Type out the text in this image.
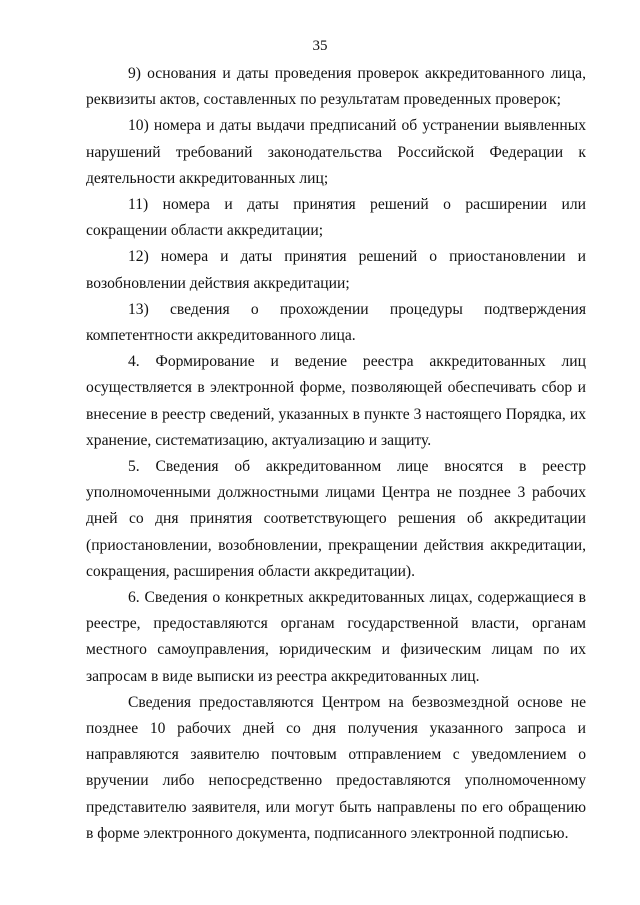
35

9) основания и даты проведения проверок аккредитованного лица, реквизиты актов, составленных по результатам проведенных проверок;

10) номера и даты выдачи предписаний об устранении выявленных нарушений требований законодательства Российской Федерации к деятельности аккредитованных лиц;

11) номера и даты принятия решений о расширении или сокращении области аккредитации;

12) номера и даты принятия решений о приостановлении и возобновлении действия аккредитации;

13) сведения о прохождении процедуры подтверждения компетентности аккредитованного лица.

4. Формирование и ведение реестра аккредитованных лиц осуществляется в электронной форме, позволяющей обеспечивать сбор и внесение в реестр сведений, указанных в пункте 3 настоящего Порядка, их хранение, систематизацию, актуализацию и защиту.

5. Сведения об аккредитованном лице вносятся в реестр уполномоченными должностными лицами Центра не позднее 3 рабочих дней со дня принятия соответствующего решения об аккредитации (приостановлении, возобновлении, прекращении действия аккредитации, сокращения, расширения области аккредитации).

6. Сведения о конкретных аккредитованных лицах, содержащиеся в реестре, предоставляются органам государственной власти, органам местного самоуправления, юридическим и физическим лицам по их запросам в виде выписки из реестра аккредитованных лиц.

Сведения предоставляются Центром на безвозмездной основе не позднее 10 рабочих дней со дня получения указанного запроса и направляются заявителю почтовым отправлением с уведомлением о вручении либо непосредственно предоставляются уполномоченному представителю заявителя, или могут быть направлены по его обращению в форме электронного документа, подписанного электронной подписью.
